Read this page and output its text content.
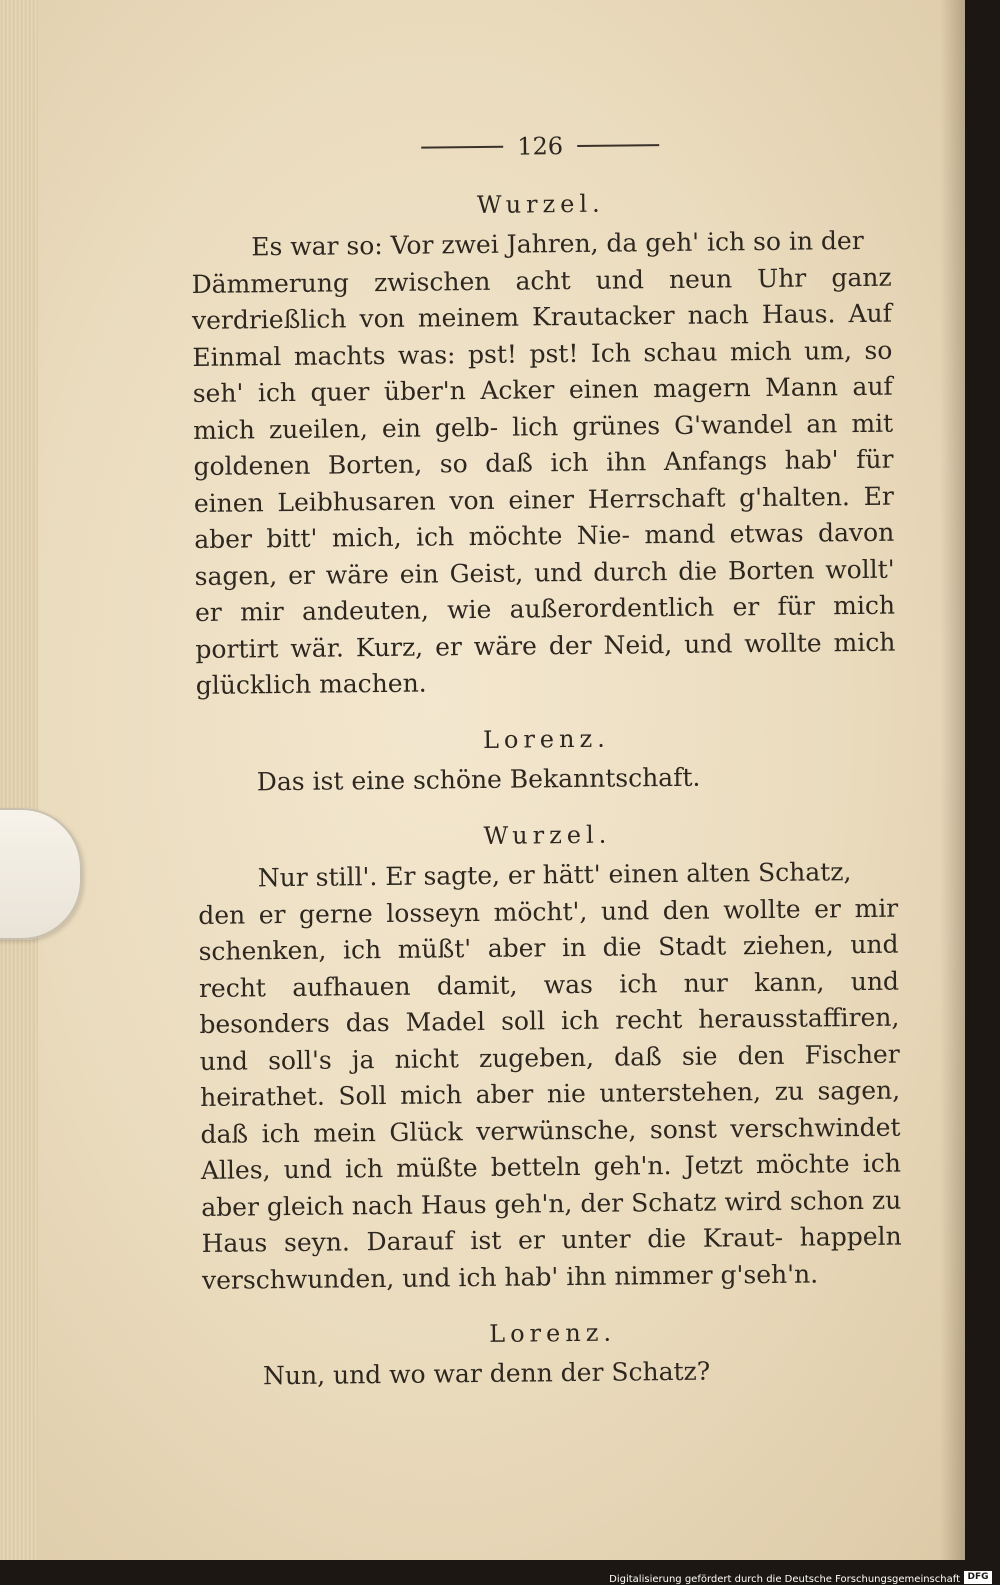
126
Wurzel.

Es war so: Vor zwei Jahren, da geh' ich so in der
Dämmerung zwischen acht und neun Uhr ganz verdrießlich von meinem Krautacker nach Haus. Auf Einmal machts was: pst! pst! Ich schau mich um, so seh' ich quer über'n Acker einen magern Mann auf mich zueilen, ein gelb- lich grünes G'wandel an mit goldenen Borten, so daß ich ihn Anfangs hab' für einen Leibhusaren von einer Herrschaft g'halten. Er aber bitt' mich, ich möchte Nie- mand etwas davon sagen, er wäre ein Geist, und durch die Borten wollt' er mir andeuten, wie außerordentlich er für mich portirt wär. Kurz, er wäre der Neid, und wollte mich glücklich machen.

Lorenz.

Das ist eine schöne Bekanntschaft.

Wurzel.

Nur still'. Er sagte, er hätt' einen alten Schatz,
den er gerne losseyn möcht', und den wollte er mir schenken, ich müßt' aber in die Stadt ziehen, und recht aufhauen damit, was ich nur kann, und besonders das Madel soll ich recht herausstaffiren, und soll's ja nicht zugeben, daß sie den Fischer heirathet. Soll mich aber nie unterstehen, zu sagen, daß ich mein Glück verwünsche, sonst verschwindet Alles, und ich müßte betteln geh'n. Jetzt möchte ich aber gleich nach Haus geh'n, der Schatz wird schon zu Haus seyn. Darauf ist er unter die Kraut- happeln verschwunden, und ich hab' ihn nimmer g'seh'n.

Lorenz.

Nun, und wo war denn der Schatz?

Digitalisierung gefördert durch die Deutsche Forschungsgemeinschaft DFG
